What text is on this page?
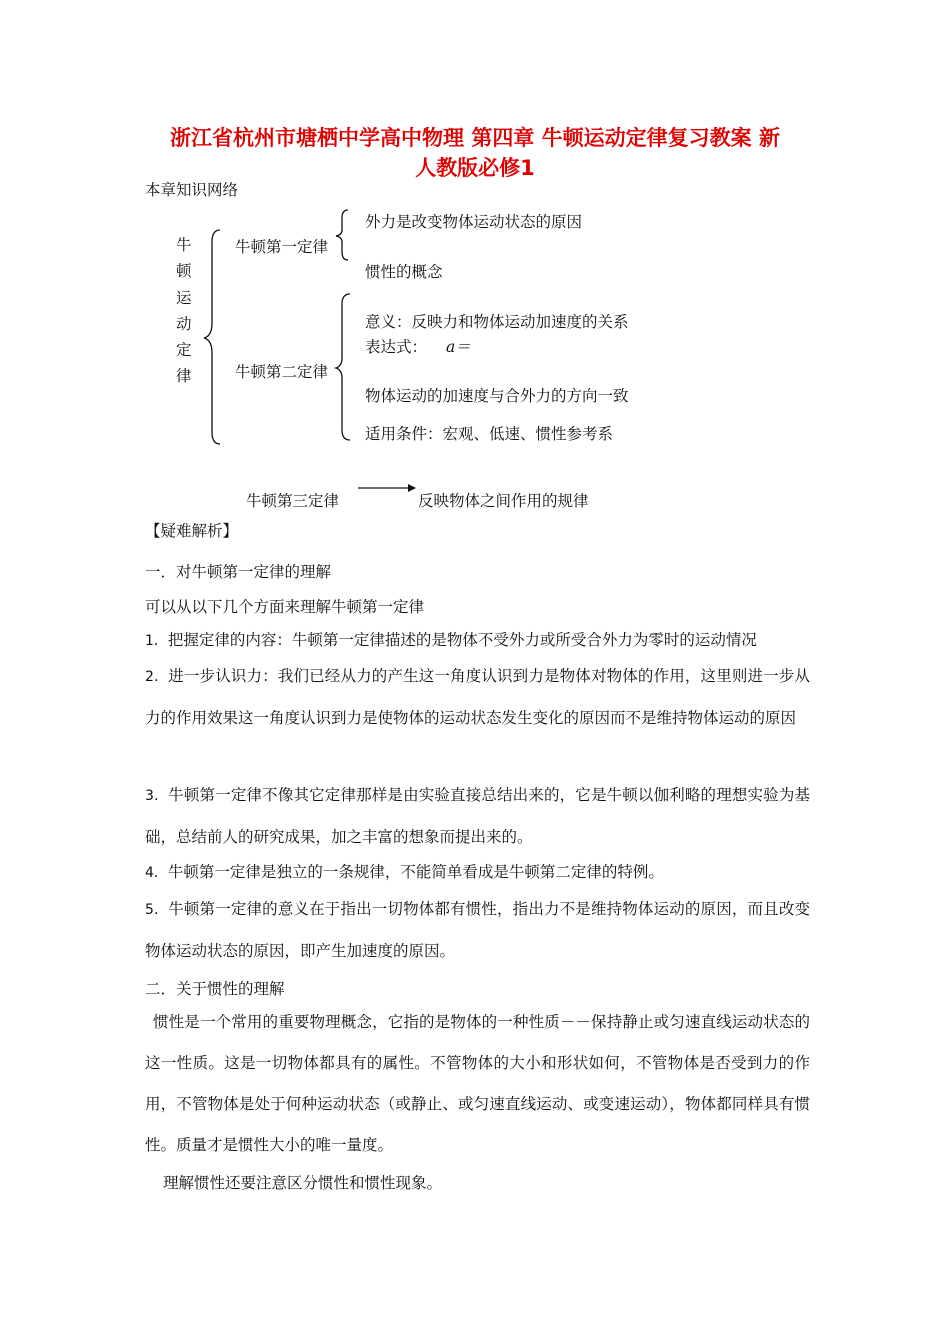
浙江省杭州市塘栖中学高中物理 第四章 牛顿运动定律复习教案 新
人教版必修1
本章知识网络
牛
顿
运
动
定
律
牛顿第一定律
外力是改变物体运动状态的原因
惯性的概念
牛顿第二定律
意义：反映力和物体运动加速度的关系
表达式： a＝
物体运动的加速度与合外力的方向一致
适用条件：宏观、低速、惯性参考系
牛顿第三定律	反映物体之间作用的规律
【疑难解析】
一．对牛顿第一定律的理解
可以从以下几个方面来理解牛顿第一定律
1．把握定律的内容：牛顿第一定律描述的是物体不受外力或所受合外力为零时的运动情况
2．进一步认识力：我们已经从力的产生这一角度认识到力是物体对物体的作用，这里则进一步从力的作用效果这一角度认识到力是使物体的运动状态发生变化的原因而不是维持物体运动的原因
3．牛顿第一定律不像其它定律那样是由实验直接总结出来的，它是牛顿以伽利略的理想实验为基础，总结前人的研究成果，加之丰富的想象而提出来的。
4．牛顿第一定律是独立的一条规律，不能简单看成是牛顿第二定律的特例。
5．牛顿第一定律的意义在于指出一切物体都有惯性，指出力不是维持物体运动的原因，而且改变物体运动状态的原因，即产生加速度的原因。
二．关于惯性的理解
惯性是一个常用的重要物理概念，它指的是物体的一种性质－－保持静止或匀速直线运动状态的这一性质。这是一切物体都具有的属性。不管物体的大小和形状如何，不管物体是否受到力的作用，不管物体是处于何种运动状态（或静止、或匀速直线运动、或变速运动），物体都同样具有惯性。质量才是惯性大小的唯一量度。
理解惯性还要注意区分惯性和惯性现象。
